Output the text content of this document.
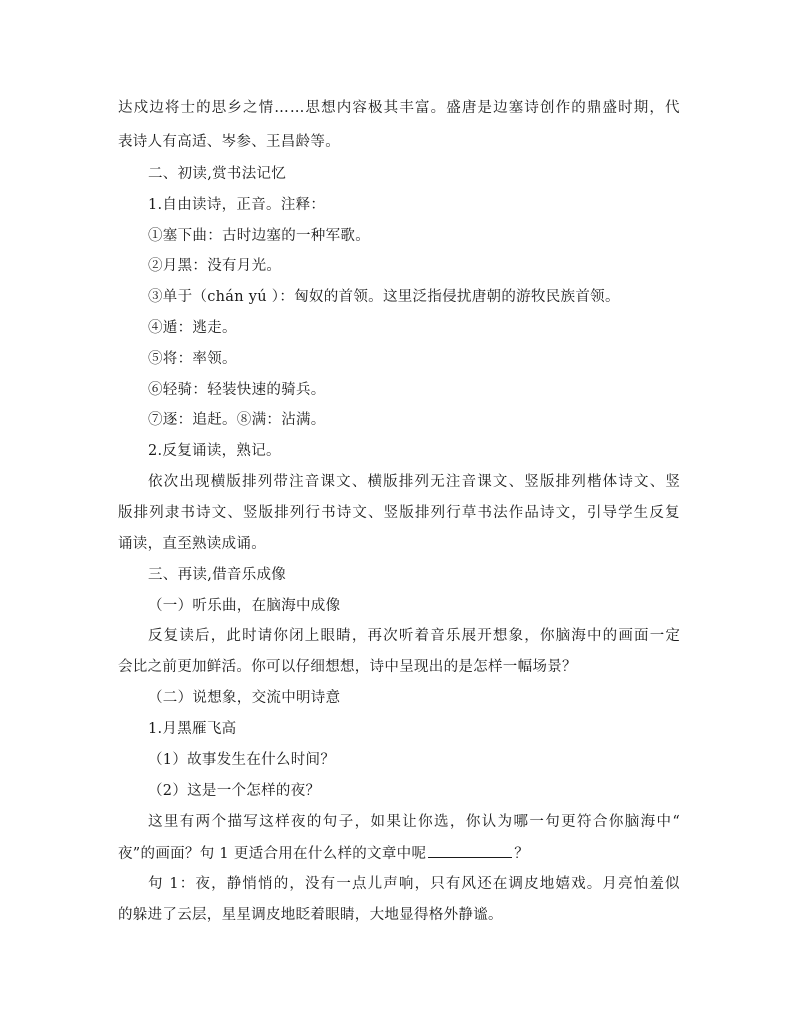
达戍边将士的思乡之情……思想内容极其丰富。盛唐是边塞诗创作的鼎盛时期，代
表诗人有高适、岑参、王昌龄等。
二、初读,赏书法记忆
1.自由读诗，正音。注释：
①塞下曲：古时边塞的一种军歌。
②月黑：没有月光。
③单于（chán yú ）：匈奴的首领。这里泛指侵扰唐朝的游牧民族首领。
④遁：逃走。
⑤将：率领。
⑥轻骑：轻装快速的骑兵。
⑦逐：追赶。⑧满：沾满。
2.反复诵读，熟记。
依次出现横版排列带注音课文、横版排列无注音课文、竖版排列楷体诗文、竖
版排列隶书诗文、竖版排列行书诗文、竖版排列行草书法作品诗文，引导学生反复
诵读，直至熟读成诵。
三、再读,借音乐成像
（一）听乐曲，在脑海中成像
反复读后，此时请你闭上眼睛，再次听着音乐展开想象，你脑海中的画面一定
会比之前更加鲜活。你可以仔细想想，诗中呈现出的是怎样一幅场景？
（二）说想象，交流中明诗意
1.月黑雁飞高
（1）故事发生在什么时间？
（2）这是一个怎样的夜？
这里有两个描写这样夜的句子，如果让你选，你认为哪一句更符合你脑海中“
夜”的画面？句 1 更适合用在什么样的文章中呢	？
句 1：夜，静悄悄的，没有一点儿声响，只有风还在调皮地嬉戏。月亮怕羞似
的躲进了云层，星星调皮地眨着眼睛，大地显得格外静谧。
